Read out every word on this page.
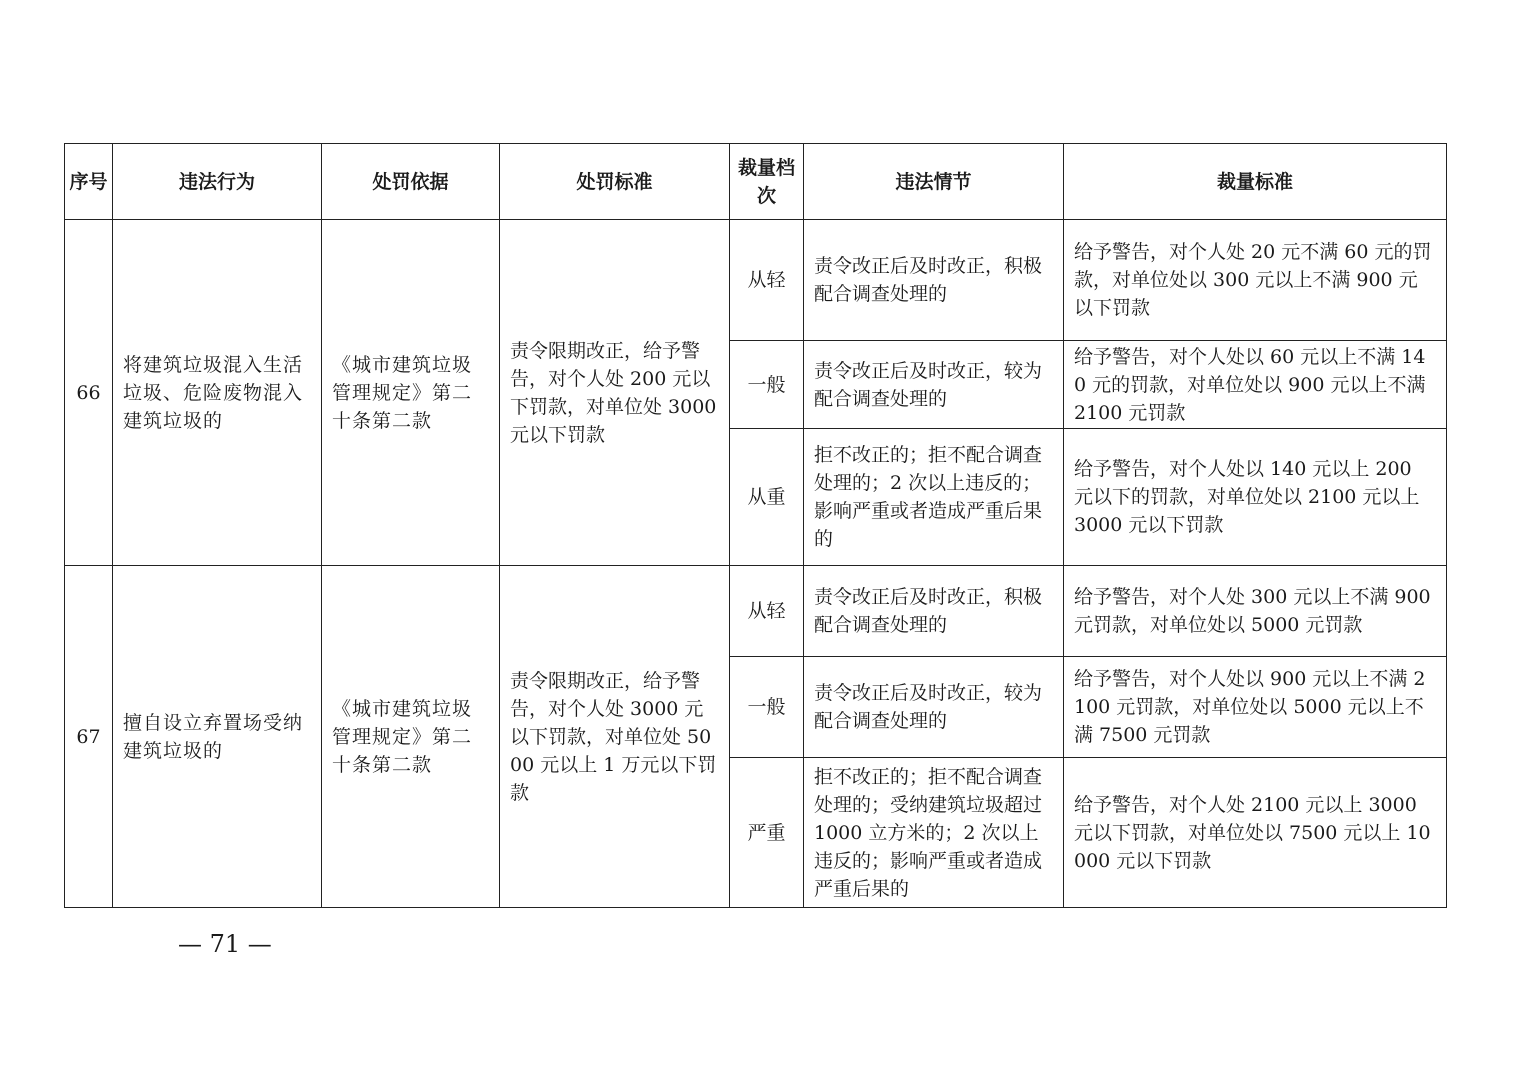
序号	违法行为	处罚依据	处罚标准	裁量档次	违法情节	裁量标准
66	将建筑垃圾混入生活垃圾、危险废物混入建筑垃圾的	《城市建筑垃圾管理规定》第二十条第二款	责令限期改正，给予警告，对个人处 200 元以下罚款，对单位处 3000 元以下罚款	从轻	责令改正后及时改正，积极配合调查处理的	给予警告，对个人处 20 元不满 60 元的罚款，对单位处以 300 元以上不满 900 元以下罚款
				一般	责令改正后及时改正，较为配合调查处理的	给予警告，对个人处以 60 元以上不满 140 元的罚款，对单位处以 900 元以上不满 2100 元罚款
				从重	拒不改正的；拒不配合调查处理的；2 次以上违反的；影响严重或者造成严重后果的	给予警告，对个人处以 140 元以上 200 元以下的罚款，对单位处以 2100 元以上 3000 元以下罚款
67	擅自设立弃置场受纳建筑垃圾的	《城市建筑垃圾管理规定》第二十条第二款	责令限期改正，给予警告，对个人处 3000 元以下罚款，对单位处 5000 元以上 1 万元以下罚款	从轻	责令改正后及时改正，积极配合调查处理的	给予警告，对个人处 300 元以上不满 900 元罚款，对单位处以 5000 元罚款
				一般	责令改正后及时改正，较为配合调查处理的	给予警告，对个人处以 900 元以上不满 2100 元罚款，对单位处以 5000 元以上不满 7500 元罚款
				严重	拒不改正的；拒不配合调查处理的；受纳建筑垃圾超过 1000 立方米的；2 次以上违反的；影响严重或者造成严重后果的	给予警告，对个人处 2100 元以上 3000 元以下罚款，对单位处以 7500 元以上 10000 元以下罚款
— 71 —
